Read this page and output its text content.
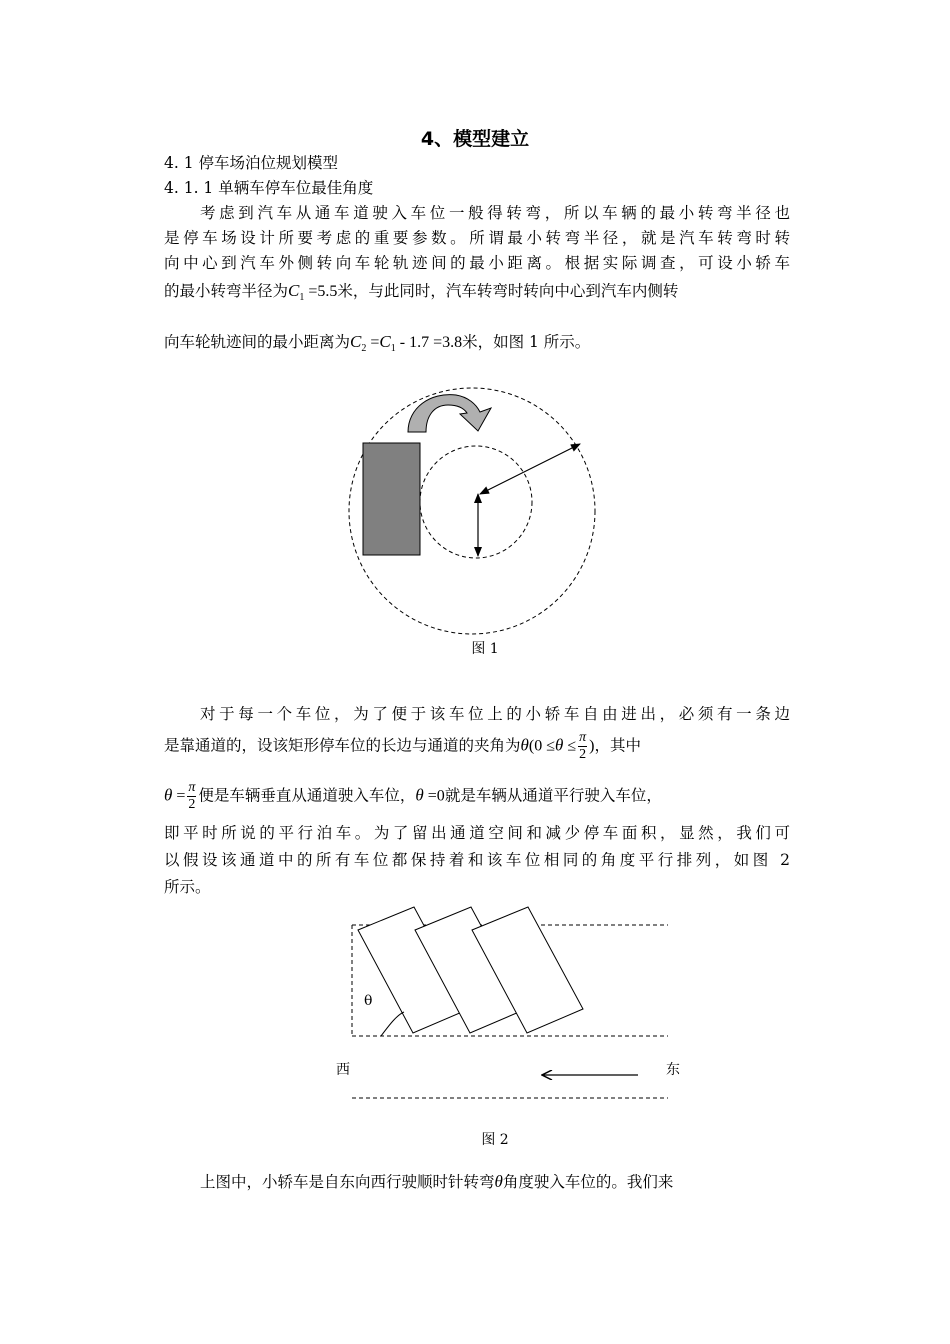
4、模型建立
4. 1 停车场泊位规划模型
4. 1. 1 单辆车停车位最佳角度
考虑到汽车从通车道驶入车位一般得转弯，所以车辆的最小转弯半径也
是停车场设计所要考虑的重要参数。所谓最小转弯半径，就是汽车转弯时转
向中心到汽车外侧转向车轮轨迹间的最小距离。根据实际调查，可设小轿车
的最小转弯半径为$C_1 =5.5$米，与此同时，汽车转弯时转向中心到汽车内侧转
向车轮轨迹间的最小距离为$C_2 =C_1 - 1.7 =3.8$米，如图 1 所示。
图 1
对于每一个车位，为了便于该车位上的小轿车自由进出，必须有一条边
是靠通道的，设该矩形停车位的长边与通道的夹角为$\theta(0 \le\theta \le \frac{\pi}{2}$ )，其中
$\theta = \frac{\pi}{2}$ 便是车辆垂直从通道驶入车位，θ =0就是车辆从通道平行驶入车位，
即平时所说的平行泊车。为了留出通道空间和减少停车面积，显然，我们可
以假设该通道中的所有车位都保持着和该车位相同的角度平行排列，如图 2
所示。
θ
西	东
图 2
上图中，小轿车是自东向西行驶顺时针转弯θ角度驶入车位的。我们来
